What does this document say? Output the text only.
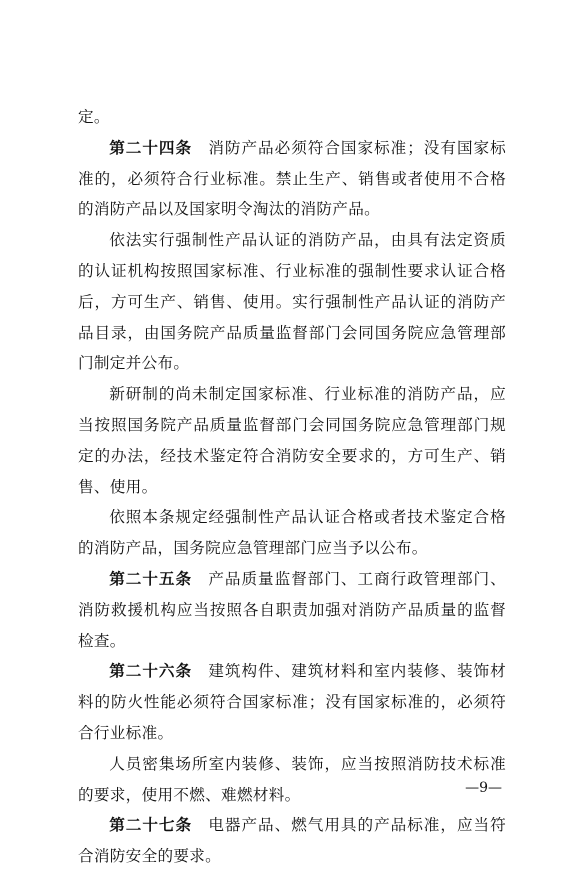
定。

第二十四条 消防产品必须符合国家标准；没有国家标准的，必须符合行业标准。禁止生产、销售或者使用不合格的消防产品以及国家明令淘汰的消防产品。

依法实行强制性产品认证的消防产品，由具有法定资质的认证机构按照国家标准、行业标准的强制性要求认证合格后，方可生产、销售、使用。实行强制性产品认证的消防产品目录，由国务院产品质量监督部门会同国务院应急管理部门制定并公布。

新研制的尚未制定国家标准、行业标准的消防产品，应当按照国务院产品质量监督部门会同国务院应急管理部门规定的办法，经技术鉴定符合消防安全要求的，方可生产、销售、使用。

依照本条规定经强制性产品认证合格或者技术鉴定合格的消防产品，国务院应急管理部门应当予以公布。

第二十五条 产品质量监督部门、工商行政管理部门、消防救援机构应当按照各自职责加强对消防产品质量的监督检查。

第二十六条 建筑构件、建筑材料和室内装修、装饰材料的防火性能必须符合国家标准；没有国家标准的，必须符合行业标准。

人员密集场所室内装修、装饰，应当按照消防技术标准的要求，使用不燃、难燃材料。

第二十七条 电器产品、燃气用具的产品标准，应当符合消防安全的要求。

—9—
